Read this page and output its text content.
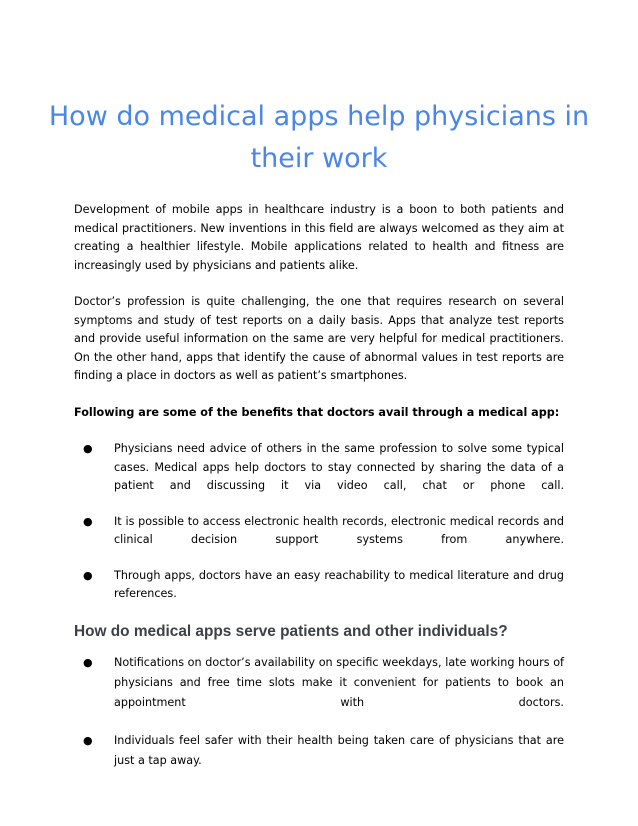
How do medical apps help physicians in their work

Development of mobile apps in healthcare industry is a boon to both patients and medical practitioners. New inventions in this field are always welcomed as they aim at creating a healthier lifestyle. Mobile applications related to health and fitness are increasingly used by physicians and patients alike.

Doctor’s profession is quite challenging, the one that requires research on several symptoms and study of test reports on a daily basis. Apps that analyze test reports and provide useful information on the same are very helpful for medical practitioners. On the other hand, apps that identify the cause of abnormal values in test reports are finding a place in doctors as well as patient’s smartphones.

Following are some of the benefits that doctors avail through a medical app:

● Physicians need advice of others in the same profession to solve some typical cases. Medical apps help doctors to stay connected by sharing the data of a patient and discussing it via video call, chat or phone call.
● It is possible to access electronic health records, electronic medical records and clinical decision support systems from anywhere.
● Through apps, doctors have an easy reachability to medical literature and drug references.
How do medical apps serve patients and other individuals?
● Notifications on doctor’s availability on specific weekdays, late working hours of physicians and free time slots make it convenient for patients to book an appointment with doctors.
● Individuals feel safer with their health being taken care of physicians that are just a tap away.
